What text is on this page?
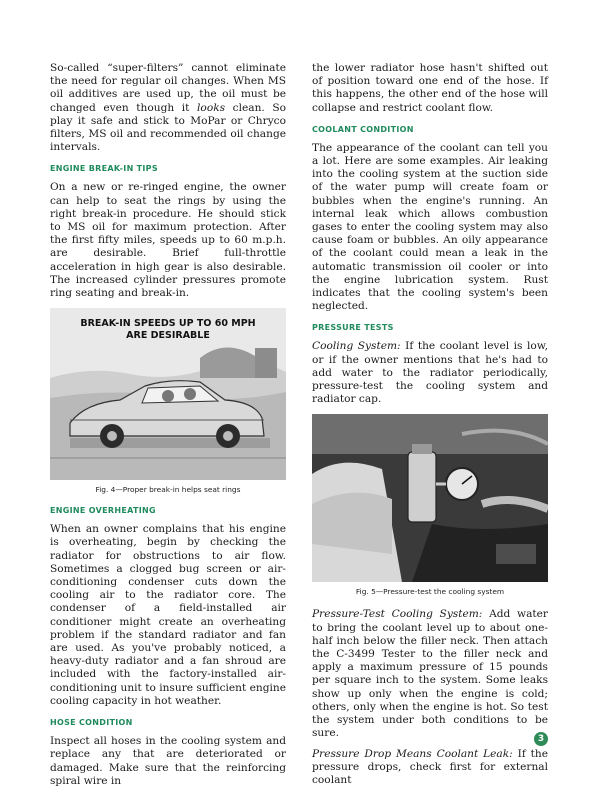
So-called “super-filters” cannot eliminate the need for regular oil changes. When MS oil additives are used up, the oil must be changed even though it looks clean. So play it safe and stick to MoPar or Chryco filters, MS oil and recommended oil change intervals.

ENGINE BREAK-IN TIPS

On a new or re-ringed engine, the owner can help to seat the rings by using the right break-in procedure. He should stick to MS oil for maximum protection. After the first fifty miles, speeds up to 60 m.p.h. are desirable. Brief full-throttle acceleration in high gear is also desirable. The increased cylinder pressures promote ring seating and break-in.

BREAK-IN SPEEDS UP TO 60 MPH
ARE DESIRABLE
Fig. 4—Proper break-in helps seat rings
ENGINE OVERHEATING

When an owner complains that his engine is overheating, begin by checking the radiator for obstructions to air flow. Sometimes a clogged bug screen or air-conditioning condenser cuts down the cooling air to the radiator core. The condenser of a field-installed air conditioner might create an overheating problem if the standard radiator and fan are used. As you've probably noticed, a heavy-duty radiator and a fan shroud are included with the factory-installed air-conditioning unit to insure sufficient engine cooling capacity in hot weather.

HOSE CONDITION

Inspect all hoses in the cooling system and replace any that are deteriorated or damaged. Make sure that the reinforcing spiral wire in

the lower radiator hose hasn't shifted out of position toward one end of the hose. If this happens, the other end of the hose will collapse and restrict coolant flow.

COOLANT CONDITION

The appearance of the coolant can tell you a lot. Here are some examples. Air leaking into the cooling system at the suction side of the water pump will create foam or bubbles when the engine's running. An internal leak which allows combustion gases to enter the cooling system may also cause foam or bubbles. An oily appearance of the coolant could mean a leak in the automatic transmission oil cooler or into the engine lubrication system. Rust indicates that the cooling system's been neglected.

PRESSURE TESTS

Cooling System: If the coolant level is low, or if the owner mentions that he's had to add water to the radiator periodically, pressure-test the cooling system and radiator cap.

Fig. 5—Pressure-test the cooling system

Pressure-Test Cooling System: Add water to bring the coolant level up to about one-half inch below the filler neck. Then attach the C-3499 Tester to the filler neck and apply a maximum pressure of 15 pounds per square inch to the system. Some leaks show up only when the engine is cold; others, only when the engine is hot. So test the system under both conditions to be sure.

Pressure Drop Means Coolant Leak: If the pressure drops, check first for external coolant

3
